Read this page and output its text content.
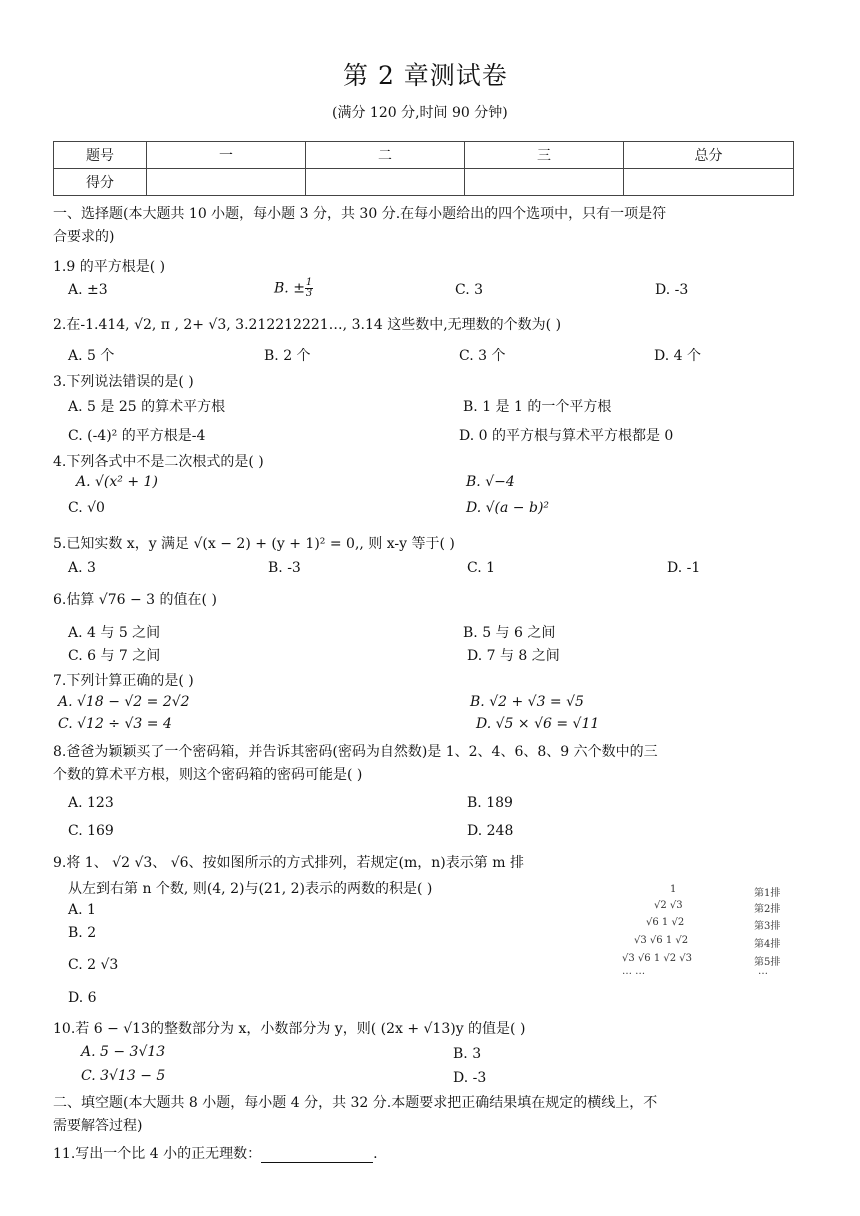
第 2 章测试卷
(满分 120 分,时间 90 分钟)
题号	一	二	三	总分
得分				
一、选择题(本大题共 10 小题，每小题 3 分，共 30 分.在每小题给出的四个选项中，只有一项是符
合要求的)
1.9 的平方根是( )
A. ±3	B. ± $\frac{1}{3}$	C. 3	D. -3
2.在-1.414, √2, π , 2+ √3, 3.212212221…, 3.14 这些数中,无理数的个数为( )
A. 5 个	B. 2 个	C. 3 个	D. 4 个
3.下列说法错误的是( )
A. 5 是 25 的算术平方根	B. 1 是 1 的一个平方根
C. (-4)² 的平方根是-4	D. 0 的平方根与算术平方根都是 0
4.下列各式中不是二次根式的是( )
A. √(x² + 1)	B. √−4
C. √0	D. √(a − b)²
5.已知实数 x，y 满足 √(x − 2) + (y + 1)² = 0,, 则 x-y 等于( )
A. 3	B. -3	C. 1	D. -1
6.估算 √76 − 3 的值在( )
A. 4 与 5 之间	B. 5 与 6 之间
C. 6 与 7 之间	D. 7 与 8 之间
7.下列计算正确的是( )
A. √18 − √2 = 2√2	B. √2 + √3 = √5
C. √12 ÷ √3 = 4	D. √5 × √6 = √11
8.爸爸为颖颖买了一个密码箱，并告诉其密码(密码为自然数)是 1、2、4、6、8、9 六个数中的三
个数的算术平方根，则这个密码箱的密码可能是( )
A. 123	B. 189
C. 169	D. 248
9.将 1、 √2 √3、 √6、按如图所示的方式排列，若规定(m，n)表示第 m 排
从左到右第 n 个数, 则(4, 2)与(21, 2)表示的两数的积是( )
A. 1
B. 2
C. 2 √3
D. 6
1
√2 √3
√6 1 √2
√3 √6 1 √2
√3 √6 1 √2 √3
… …
第1排
第2排
第3排
第4排
第5排
…
10.若 6 − √13的整数部分为 x，小数部分为 y，则( (2x + √13)y 的值是( )
A. 5 − 3√13	B. 3
C. 3√13 − 5	D. -3
二、填空题(本大题共 8 小题，每小题 4 分，共 32 分.本题要求把正确结果填在规定的横线上，不
需要解答过程)
11.写出一个比 4 小的正无理数：	.
